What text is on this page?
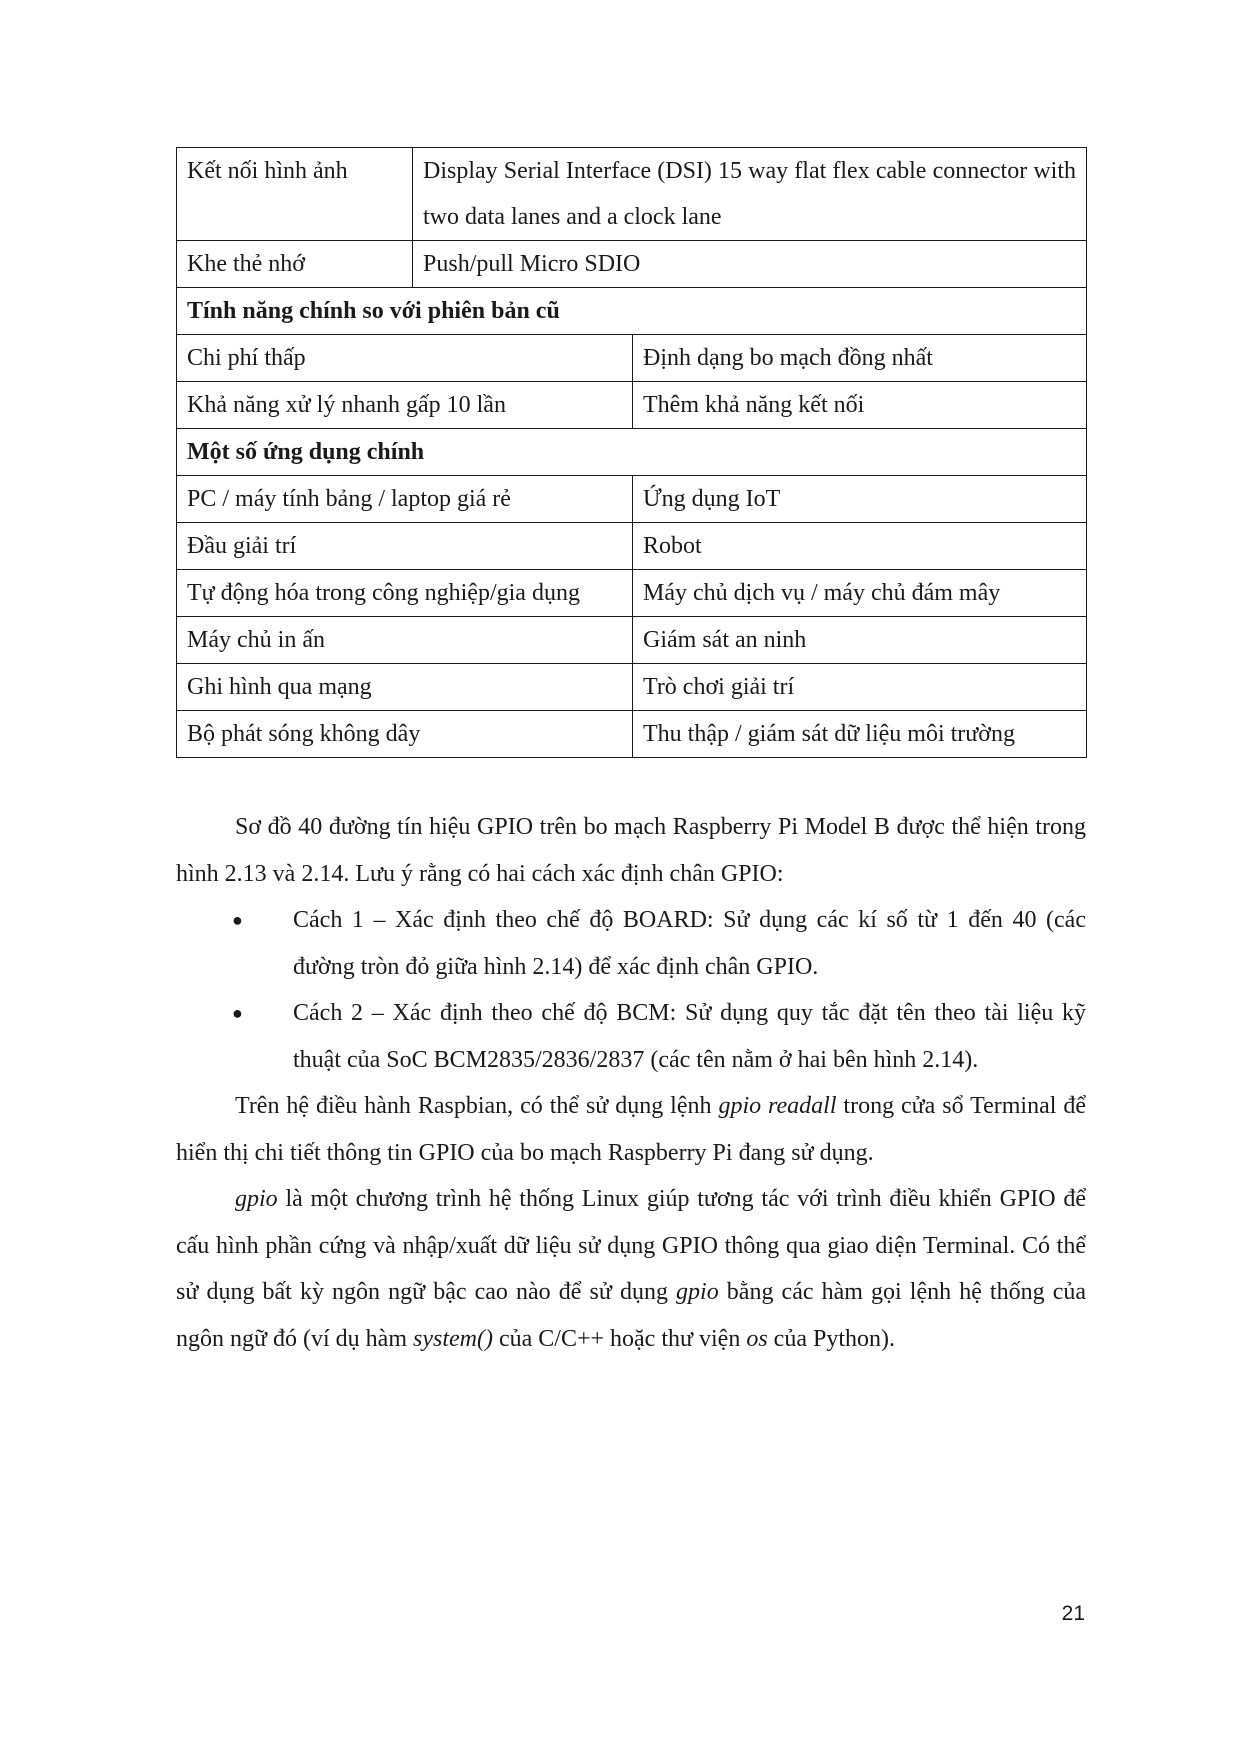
Kết nối hình ảnh	Display Serial Interface (DSI) 15 way flat flex cable connector with two data lanes and a clock lane	
Khe thẻ nhớ	Push/pull Micro SDIO	
Tính năng chính so với phiên bản cũ		
Chi phí thấp		Định dạng bo mạch đồng nhất
Khả năng xử lý nhanh gấp 10 lần		Thêm khả năng kết nối
Một số ứng dụng chính		
PC / máy tính bảng / laptop giá rẻ		Ứng dụng IoT
Đầu giải trí		Robot
Tự động hóa trong công nghiệp/gia dụng		Máy chủ dịch vụ / máy chủ đám mây
Máy chủ in ấn		Giám sát an ninh
Ghi hình qua mạng		Trò chơi giải trí
Bộ phát sóng không dây		Thu thập / giám sát dữ liệu môi trường

Sơ đồ 40 đường tín hiệu GPIO trên bo mạch Raspberry Pi Model B được thể hiện trong hình 2.13 và 2.14. Lưu ý rằng có hai cách xác định chân GPIO:

● Cách 1 – Xác định theo chế độ BOARD: Sử dụng các kí số từ 1 đến 40 (các đường tròn đỏ giữa hình 2.14) để xác định chân GPIO.
● Cách 2 – Xác định theo chế độ BCM: Sử dụng quy tắc đặt tên theo tài liệu kỹ thuật của SoC BCM2835/2836/2837 (các tên nằm ở hai bên hình 2.14).

Trên hệ điều hành Raspbian, có thể sử dụng lệnh gpio readall trong cửa sổ Terminal để hiển thị chi tiết thông tin GPIO của bo mạch Raspberry Pi đang sử dụng.

gpio là một chương trình hệ thống Linux giúp tương tác với trình điều khiển GPIO để cấu hình phần cứng và nhập/xuất dữ liệu sử dụng GPIO thông qua giao diện Terminal. Có thể sử dụng bất kỳ ngôn ngữ bậc cao nào để sử dụng gpio bằng các hàm gọi lệnh hệ thống của ngôn ngữ đó (ví dụ hàm system() của C/C++ hoặc thư viện os của Python).

21
